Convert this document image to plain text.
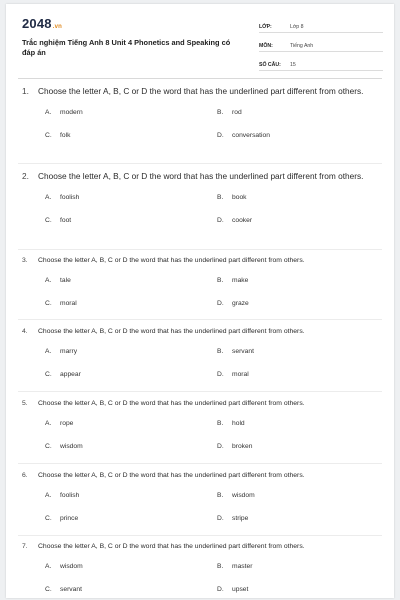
2048.vn
Trắc nghiệm Tiếng Anh 8 Unit 4 Phonetics and Speaking có đáp án
LỚP:	Lớp 8
MÔN:	Tiếng Anh
SỐ CÂU:	15
1.	Choose the letter A, B, C or D the word that has the underlined part different from others.
A.	modern	B.	rod
C.	folk	D.	conversation
2.	Choose the letter A, B, C or D the word that has the underlined part different from others.
A.	foolish	B.	book
C.	foot	D.	cooker
3.	Choose the letter A, B, C or D the word that has the underlined part different from others.
A.	tale	B.	make
C.	moral	D.	graze
4.	Choose the letter A, B, C or D the word that has the underlined part different from others.
A.	marry	B.	servant
C.	appear	D.	moral
5.	Choose the letter A, B, C or D the word that has the underlined part different from others.
A.	rope	B.	hold
C.	wisdom	D.	broken
6.	Choose the letter A, B, C or D the word that has the underlined part different from others.
A.	foolish	B.	wisdom
C.	prince	D.	stripe
7.	Choose the letter A, B, C or D the word that has the underlined part different from others.
A.	wisdom	B.	master
C.	servant	D.	upset
